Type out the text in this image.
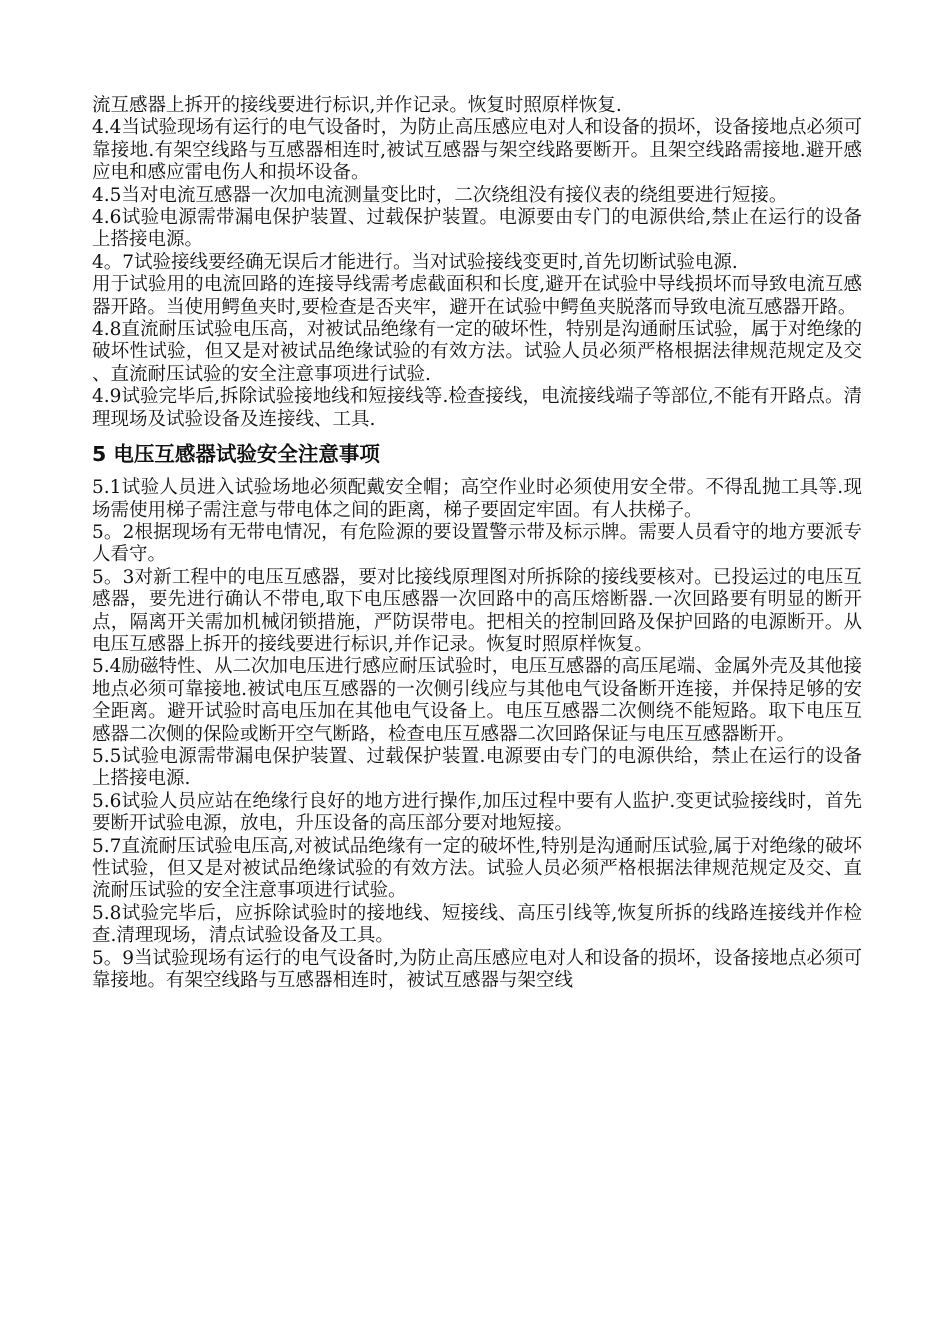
流互感器上拆开的接线要进行标识,并作记录。恢复时照原样恢复.

4.4当试验现场有运行的电气设备时，为防止高压感应电对人和设备的损坏，设备接地点必须可靠接地.有架空线路与互感器相连时,被试互感器与架空线路要断开。且架空线路需接地.避开感应电和感应雷电伤人和损坏设备。

4.5当对电流互感器一次加电流测量变比时，二次绕组没有接仪表的绕组要进行短接。

4.6试验电源需带漏电保护装置、过载保护装置。电源要由专门的电源供给,禁止在运行的设备上搭接电源。

4。7试验接线要经确无误后才能进行。当对试验接线变更时,首先切断试验电源.

用于试验用的电流回路的连接导线需考虑截面积和长度,避开在试验中导线损坏而导致电流互感器开路。当使用鳄鱼夹时,要检查是否夹牢，避开在试验中鳄鱼夹脱落而导致电流互感器开路。

4.8直流耐压试验电压高，对被试品绝缘有一定的破坏性，特别是沟通耐压试验，属于对绝缘的破坏性试验，但又是对被试品绝缘试验的有效方法。试验人员必须严格根据法律规范规定及交、直流耐压试验的安全注意事项进行试验.

4.9试验完毕后,拆除试验接地线和短接线等.检查接线，电流接线端子等部位,不能有开路点。清理现场及试验设备及连接线、工具.

5 电压互感器试验安全注意事项

5.1试验人员进入试验场地必须配戴安全帽；高空作业时必须使用安全带。不得乱抛工具等.现场需使用梯子需注意与带电体之间的距离，梯子要固定牢固。有人扶梯子。

5。2根据现场有无带电情况，有危险源的要设置警示带及标示牌。需要人员看守的地方要派专人看守。

5。3对新工程中的电压互感器，要对比接线原理图对所拆除的接线要核对。已投运过的电压互感器，要先进行确认不带电,取下电压感器一次回路中的高压熔断器.一次回路要有明显的断开点，隔离开关需加机械闭锁措施，严防误带电。把相关的控制回路及保护回路的电源断开。从电压互感器上拆开的接线要进行标识,并作记录。恢复时照原样恢复。

5.4励磁特性、从二次加电压进行感应耐压试验时，电压互感器的高压尾端、金属外壳及其他接地点必须可靠接地.被试电压互感器的一次侧引线应与其他电气设备断开连接，并保持足够的安全距离。避开试验时高电压加在其他电气设备上。电压互感器二次侧绕不能短路。取下电压互感器二次侧的保险或断开空气断路，检查电压互感器二次回路保证与电压互感器断开。

5.5试验电源需带漏电保护装置、过载保护装置.电源要由专门的电源供给，禁止在运行的设备上搭接电源.

5.6试验人员应站在绝缘行良好的地方进行操作,加压过程中要有人监护.变更试验接线时，首先要断开试验电源，放电，升压设备的高压部分要对地短接。

5.7直流耐压试验电压高,对被试品绝缘有一定的破坏性,特别是沟通耐压试验,属于对绝缘的破坏性试验，但又是对被试品绝缘试验的有效方法。试验人员必须严格根据法律规范规定及交、直流耐压试验的安全注意事项进行试验。

5.8试验完毕后，应拆除试验时的接地线、短接线、高压引线等,恢复所拆的线路连接线并作检查.清理现场，清点试验设备及工具。

5。9当试验现场有运行的电气设备时,为防止高压感应电对人和设备的损坏，设备接地点必须可靠接地。有架空线路与互感器相连时，被试互感器与架空线
